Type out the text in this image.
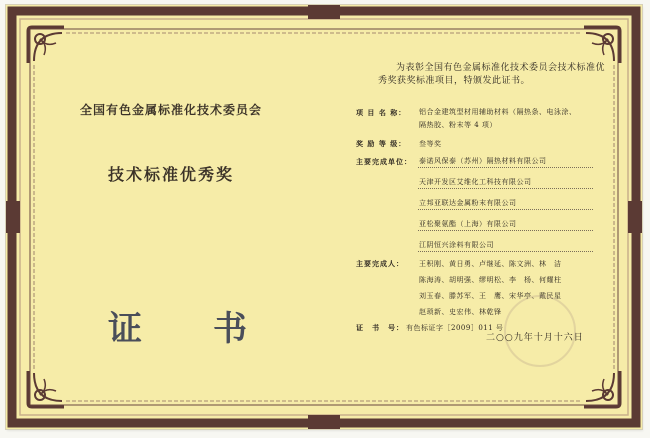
全国有色金属标准化技术委员会
技术标准优秀奖
证 书
为表彰全国有色金属标准化技术委员会技术标准优秀奖获奖标准项目，特颁发此证书。
项 目 名 称： 铝合金建筑型材用辅助材料（隔热条、电泳涂、
隔热胶、粉末等 4 项）
奖 励 等 级： 叁等奖
主要完成单位： 泰诺风保泰（苏州）隔热材料有限公司
天津开发区艾维化工科技有限公司
立邦亚联达金属粉末有限公司
亚松聚氨酯（上海）有限公司
江阴恒兴涂料有限公司
主要完成人： 王积刚、黄日勇、卢继延、陈文洲、林　洁
陈海涛、胡明强、缪明松、李　杨、何耀柱
刘玉春、滕苏军、王　鹰、宋华亭、戴民星
赵琐新、史宏伟、林乾锋
证　书　号： 有色标证字［2009］011 号
二○○九年十月十六日
